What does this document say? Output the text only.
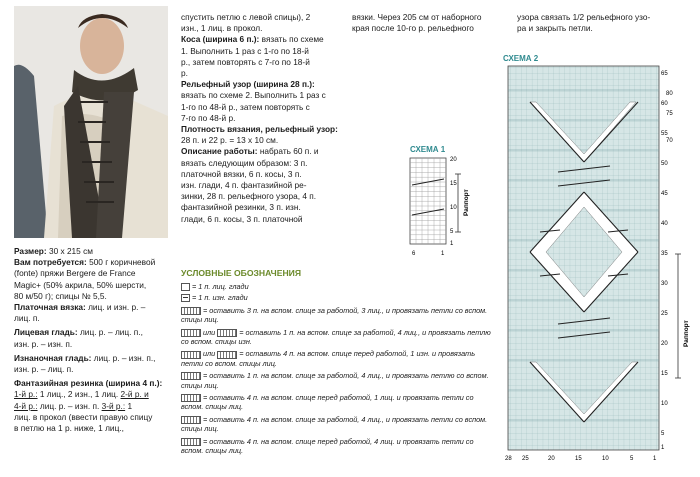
Размер: 30 х 215 см

Вам потребуется: 500 г коричневой

(fonte) пряжи Bergere de France

Magic+ (50% акрила, 50% шерсти,

80 м/50 г); спицы № 5,5.

Платочная вязка: лиц. и изн. р. –

лиц. п.

Лицевая гладь: лиц. р. – лиц. п.,

изн. р. – изн. п.

Изнаночная гладь: лиц. р. – изн. п.,

изн. р. – лиц. п.

Фантазийная резинка (ширина 4 п.):

1-й р.: 1 лиц., 2 изн., 1 лиц. 2-й р. и

4-й р.: лиц. р. – изн. п. 3-й р.: 1

лиц. в прокол (ввести правую спицу

в петлю на 1 р. ниже, 1 лиц.,

спустить петлю с левой спицы), 2

изн., 1 лиц. в прокол.

Коса (ширина 6 п.): вязать по схеме

1. Выполнить 1 раз с 1-го по 18-й

р., затем повторять с 7-го по 18-й

р.

Рельефный узор (ширина 28 п.):

вязать по схеме 2. Выполнить 1 раз с

1-го по 48-й р., затем повторять с

7-го по 48-й р.

Плотность вязания, рельефный узор:

28 п. и 22 р. = 13 х 10 см.

Описание работы: набрать 60 п. и

вязать следующим образом: 3 п.

платочной вязки, 6 п. косы, 3 п.

изн. глади, 4 п. фантазийной ре-

зинки, 28 п. рельефного узора, 4 п.

фантазийной резинки, 3 п. изн.

глади, 6 п. косы, 3 п. платочной

вязки. Через 205 см от наборного

края после 10-го р. рельефного

узора связать 1/2 рельефного узо-

ра и закрыть петли.

УСЛОВНЫЕ ОБОЗНАЧЕНИЯ

= 1 п. лиц. глади

= 1 п. изн. глади

= оставить 3 п. на вспом. спице за работой, 3 лиц., и провязать петли со вспом. спицы лиц.

или	= оставить 1 п. на вспом. спице за работой, 4 лиц., и провязать петлю со вспом. спицы изн.

или	= оставить 4 п. на вспом. спице перед работой, 1 изн. и провязать петли со вспом. спицы лиц.

= оставить 1 п. на вспом. спице за работой, 4 лиц., и провязать петлю со вспом. спицы лиц.

= оставить 4 п. на вспом. спице перед работой, 1 лиц. и провязать петли со вспом. спицы лиц.

= оставить 4 п. на вспом. спице за работой, 4 лиц., и провязать петли со вспом. спицы лиц.

= оставить 4 п. на вспом. спице перед работой, 4 лиц. и провязать петли со вспом. спицы лиц.

СХЕМА 1
20
15
10
5
1
6	1
Раппорт
СХЕМА 2
65
60
55
50
45
40
35
30
25
20
15
10
5
1
80
75
70
28 25	20	15	10	5	1
Раппорт
